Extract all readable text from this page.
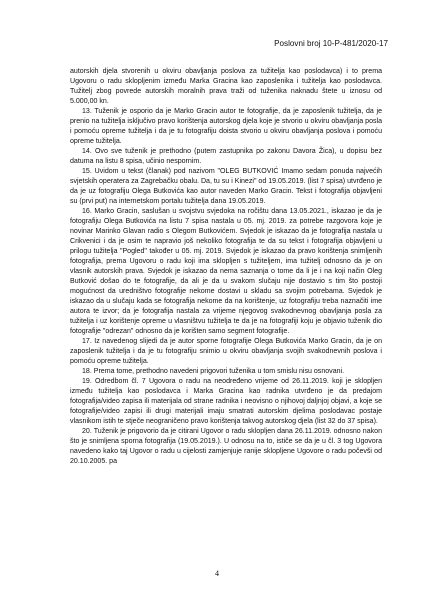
Poslovni broj 10-P-481/2020-17

autorskih djela stvorenih u okviru obavljanja poslova za tužitelja kao poslodavca) i to prema Ugovoru o radu sklopljenim između Marka Gracina kao zaposlenika i tužitelja kao poslodavca. Tužitelj zbog povrede autorskih moralnih prava traži od tuženika naknadu štete u iznosu od 5.000,00 kn.

13. Tuženik je osporio da je Marko Gracin autor te fotografije, da je zaposlenik tužitelja, da je prenio na tužitelja isključivo pravo korištenja autorskog djela koje je stvorio u okviru obavljanja posla i pomoću opreme tužitelja i da je tu fotografiju doista stvorio u okviru obavljanja poslova i pomoću opreme tužitelja.

14. Ovo sve tuženik je prethodno (putem zastupnika po zakonu Davora Žica), u dopisu bez datuma na listu 8 spisa, učinio nespornim.

15. Uvidom u tekst (članak) pod nazivom "OLEG BUTKOVIĆ Imamo sedam ponuda najvećih svjetskih operatera za Zagrebačku obalu. Da, tu su i Kinezi" od 19.05.2019. (list 7 spisa) utvrđeno je da je uz fotografiju Olega Butkovića kao autor naveden Marko Gracin. Tekst i fotografija objavljeni su (prvi put) na internetskom portalu tužitelja dana 19.05.2019.

16. Marko Gracin, saslušan u svojstvu svjedoka na ročištu dana 13.05.2021., iskazao je da je fotografiju Olega Butkovića na listu 7 spisa nastala u 05. mj. 2019. za potrebe razgovora koje je novinar Marinko Glavan radio s Olegom Butkovićem. Svjedok je iskazao da je fotografija nastala u Crikvenici i da je osim te napravio još nekoliko fotografija te da su tekst i fotografija objavljeni u prilogu tužitelja "Pogled" također u 05. mj. 2019. Svjedok je iskazao da pravo korištenja snimljenih fotografija, prema Ugovoru o radu koji ima sklopljen s tužiteljem, ima tužitelj odnosno da je on vlasnik autorskih prava. Svjedok je iskazao da nema saznanja o tome da li je i na koji način Oleg Butković došao do te fotografije, da ali je da u svakom slučaju nije dostavio s tim što postoji mogućnost da uredništvo fotografije nekome dostavi u skladu sa svojim potrebama. Svjedok je iskazao da u slučaju kada se fotografija nekome da na korištenje, uz fotografiju treba naznačiti ime autora te izvor; da je fotografija nastala za vrijeme njegovog svakodnevnog obavljanja posla za tužitelja i uz korištenje opreme u vlasništvu tužitelja te da je na fotografiji koju je objavio tuženik dio fotografije "odrezan" odnosno da je korišten samo segment fotografije.

17. Iz navedenog slijedi da je autor sporne fotografije Olega Butkovića Marko Gracin, da je on zaposlenik tužitelja i da je tu fotografiju snimio u okviru obavljanja svojih svakodnevnih poslova i pomoću opreme tužitelja.

18. Prema tome, prethodno navedeni prigovori tuženika u tom smislu nisu osnovani.

19. Odredbom čl. 7 Ugovora o radu na neodređeno vrijeme od 26.11.2019. koji je sklopljen između tužitelja kao poslodavca i Marka Gracina kao radnika utvrđeno je da predajom fotografija/video zapisa ili materijala od strane radnika i neovisno o njihovoj daljnjoj objavi, a koje se fotografije/video zapisi ili drugi materijali imaju smatrati autorskim djelima poslodavac postaje vlasnikom istih te stječe neograničeno pravo korištenja takvog autorskog djela (list 32 do 37 spisa).

20. Tuženik je prigovorio da je citirani Ugovor o radu sklopljen dana 26.11.2019. odnosno nakon što je snimljena sporna fotografija (19.05.2019.). U odnosu na to, ističe se da je u čl. 3 tog Ugovora navedeno kako taj Ugovor o radu u cijelosti zamjenjuje ranije sklopljene Ugovore o radu počevši od 20.10.2005. pa

4
